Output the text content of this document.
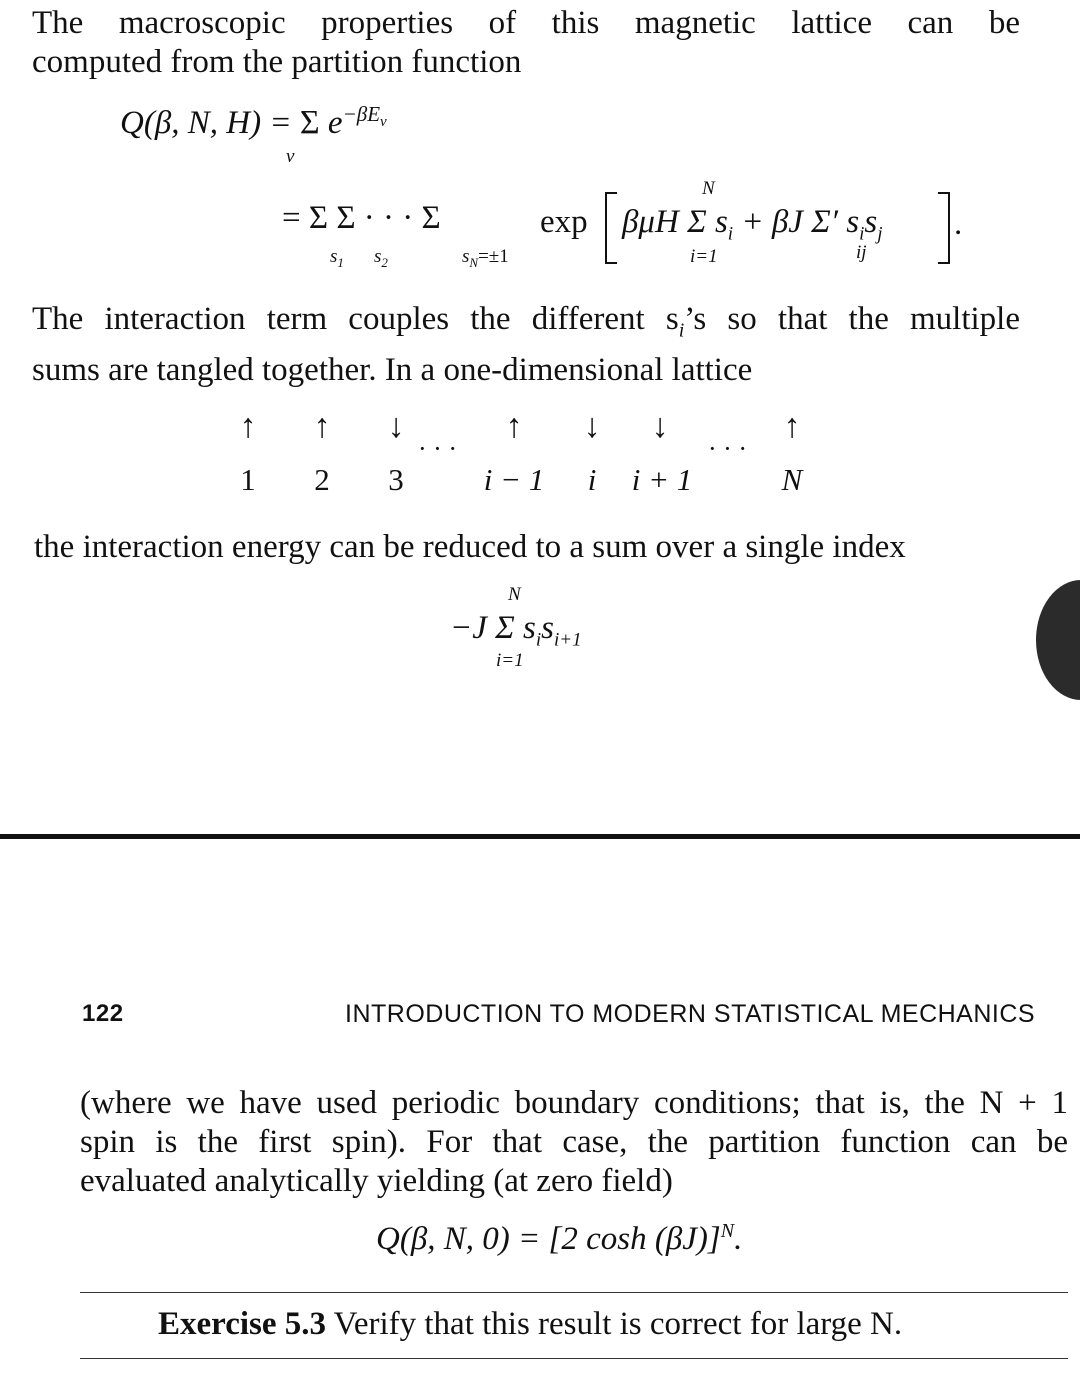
The macroscopic properties of this magnetic lattice can be
computed from the partition function
Q(β, N, H) = Σ $e^{-\beta E_\nu}$
ν
= Σ Σ · · · Σ
$s_1$ $s_2$	$s_N=\pm 1$
exp βμH Σ $s_i + \beta J$ Σ′ $s_is_j$ .
N
i=1	ij
The interaction term couples the different $s_i’s$ so that the multiple
sums are tangled together. In a one-dimensional lattice
↑	↑	↓
· · ·
↑	↓	↓
· · ·
↑
1 2 3	i − 1 i i + 1	N
the interaction energy can be reduced to a sum over a single index
N
−J Σ $s_is_{i+1}$
i=1
122	INTRODUCTION TO MODERN STATISTICAL MECHANICS
(where we have used periodic boundary conditions; that is, the N + 1
spin is the first spin). For that case, the partition function can be
evaluated analytically yielding (at zero field)
Q(β, N, 0) = [2 cosh (βJ)]$^N$.
Exercise 5.3 Verify that this result is correct for large N.
